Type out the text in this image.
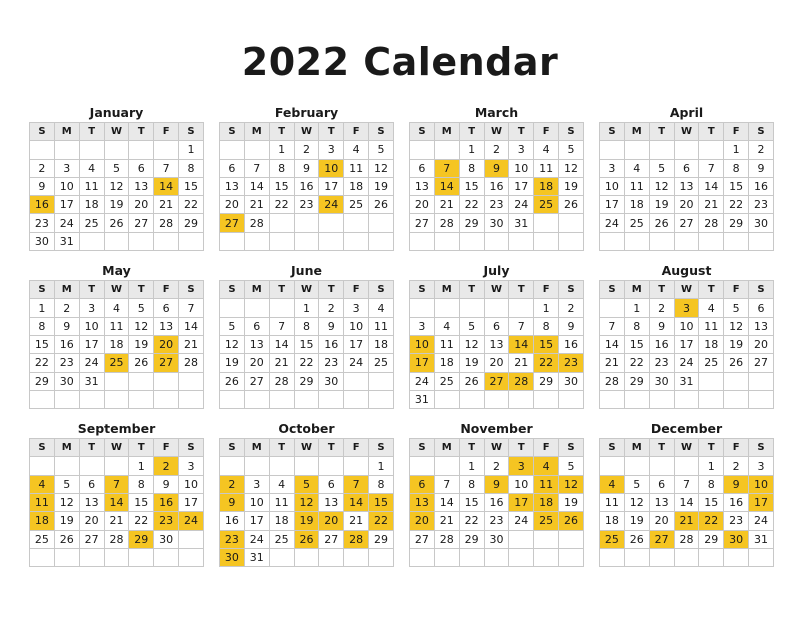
2022 Calendar
January
S	M	T	W	T	F	S
						1
2	3	4	5	6	7	8
9	10	11	12	13	14	15
16	17	18	19	20	21	22
23	24	25	26	27	28	29
30	31					
February
S	M	T	W	T	F	S
		1	2	3	4	5
6	7	8	9	10	11	12
13	14	15	16	17	18	19
20	21	22	23	24	25	26
27	28					

March
S	M	T	W	T	F	S
		1	2	3	4	5
6	7	8	9	10	11	12
13	14	15	16	17	18	19
20	21	22	23	24	25	26
27	28	29	30	31		

April
S	M	T	W	T	F	S
					1	2
3	4	5	6	7	8	9
10	11	12	13	14	15	16
17	18	19	20	21	22	23
24	25	26	27	28	29	30

May
S	M	T	W	T	F	S
1	2	3	4	5	6	7
8	9	10	11	12	13	14
15	16	17	18	19	20	21
22	23	24	25	26	27	28
29	30	31				

June
S	M	T	W	T	F	S
			1	2	3	4
5	6	7	8	9	10	11
12	13	14	15	16	17	18
19	20	21	22	23	24	25
26	27	28	29	30		

July
S	M	T	W	T	F	S
					1	2
3	4	5	6	7	8	9
10	11	12	13	14	15	16
17	18	19	20	21	22	23
24	25	26	27	28	29	30
31						
August
S	M	T	W	T	F	S
	1	2	3	4	5	6
7	8	9	10	11	12	13
14	15	16	17	18	19	20
21	22	23	24	25	26	27
28	29	30	31			

September
S	M	T	W	T	F	S
				1	2	3
4	5	6	7	8	9	10
11	12	13	14	15	16	17
18	19	20	21	22	23	24
25	26	27	28	29	30	

October
S	M	T	W	T	F	S
						1
2	3	4	5	6	7	8
9	10	11	12	13	14	15
16	17	18	19	20	21	22
23	24	25	26	27	28	29
30	31					
November
S	M	T	W	T	F	S
		1	2	3	4	5
6	7	8	9	10	11	12
13	14	15	16	17	18	19
20	21	22	23	24	25	26
27	28	29	30			

December
S	M	T	W	T	F	S
				1	2	3
4	5	6	7	8	9	10
11	12	13	14	15	16	17
18	19	20	21	22	23	24
25	26	27	28	29	30	31
